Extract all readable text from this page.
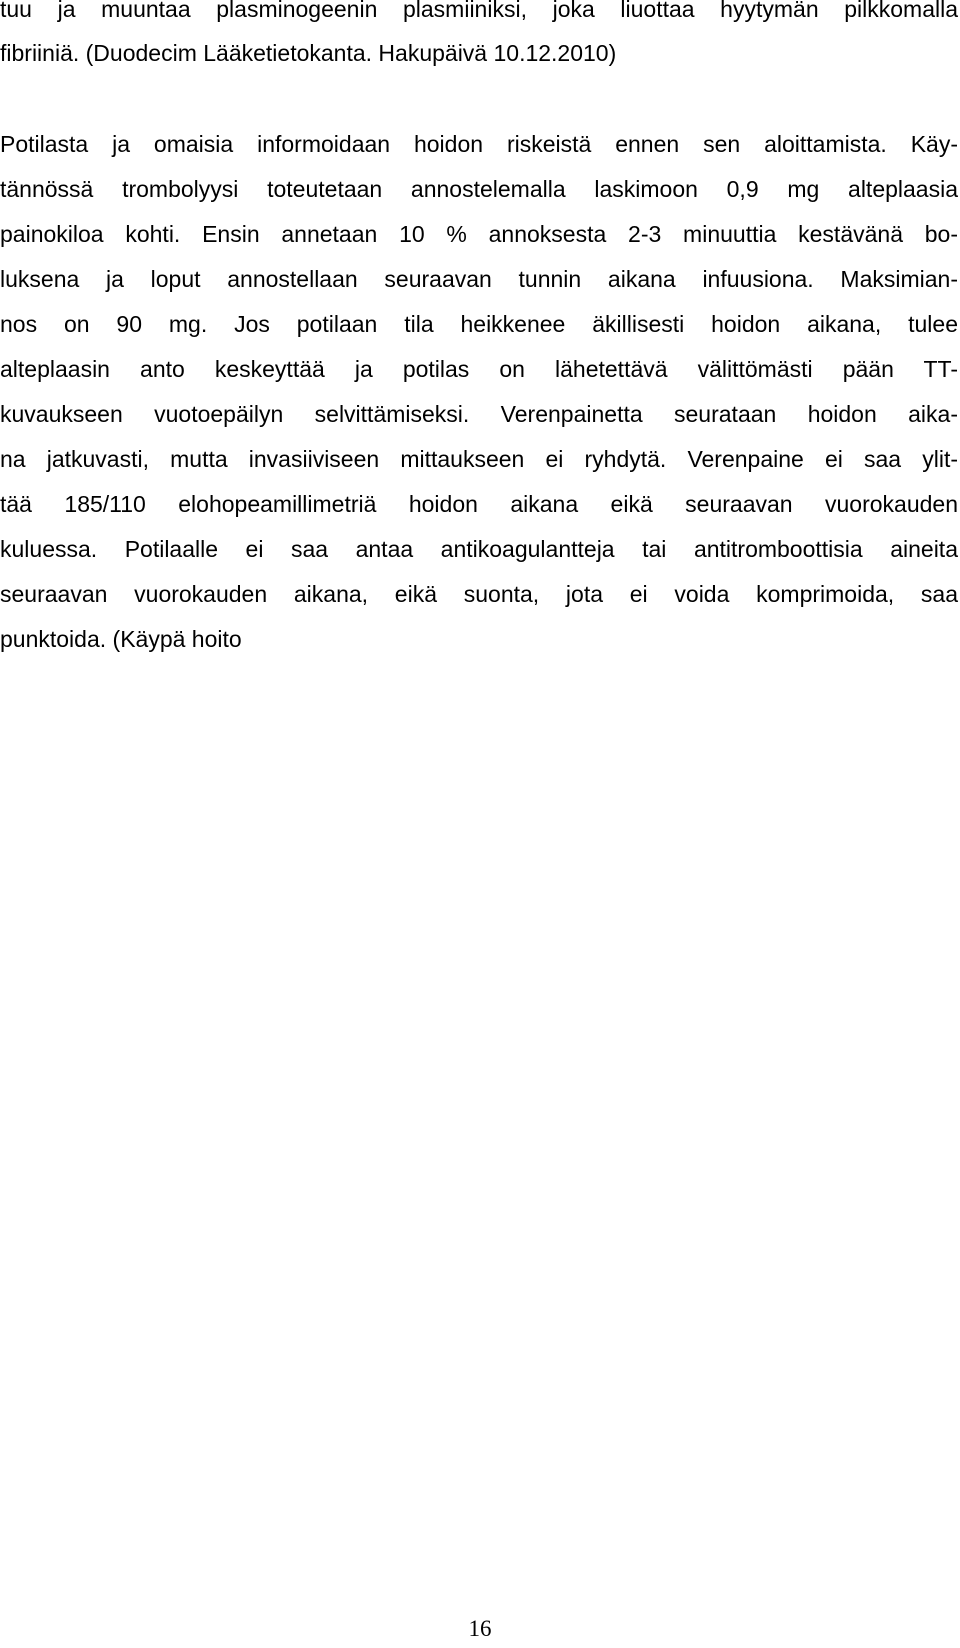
tuu ja muuntaa plasminogeenin plasmiiniksi, joka liuottaa hyytymän pilkkomalla
fibriiniä. (Duodecim Lääketietokanta. Hakupäivä 10.12.2010)
Potilasta ja omaisia informoidaan hoidon riskeistä ennen sen aloittamista. Käy-
tännössä trombolyysi toteutetaan annostelemalla laskimoon 0,9 mg alteplaasia
painokiloa kohti. Ensin annetaan 10 % annoksesta 2-3 minuuttia kestävänä bo-
luksena ja loput annostellaan seuraavan tunnin aikana infuusiona. Maksimian-
nos on 90 mg. Jos potilaan tila heikkenee äkillisesti hoidon aikana, tulee
alteplaasin anto keskeyttää ja potilas on lähetettävä välittömästi pään TT-
kuvaukseen vuotoepäilyn selvittämiseksi. Verenpainetta seurataan hoidon aika-
na jatkuvasti, mutta invasiiviseen mittaukseen ei ryhdytä. Verenpaine ei saa ylit-
tää 185/110 elohopeamillimetriä hoidon aikana eikä seuraavan vuorokauden
kuluessa. Potilaalle ei saa antaa antikoagulantteja tai antitromboottisia aineita
seuraavan vuorokauden aikana, eikä suonta, jota ei voida komprimoida, saa
punktoida. (Käypä hoito
16
